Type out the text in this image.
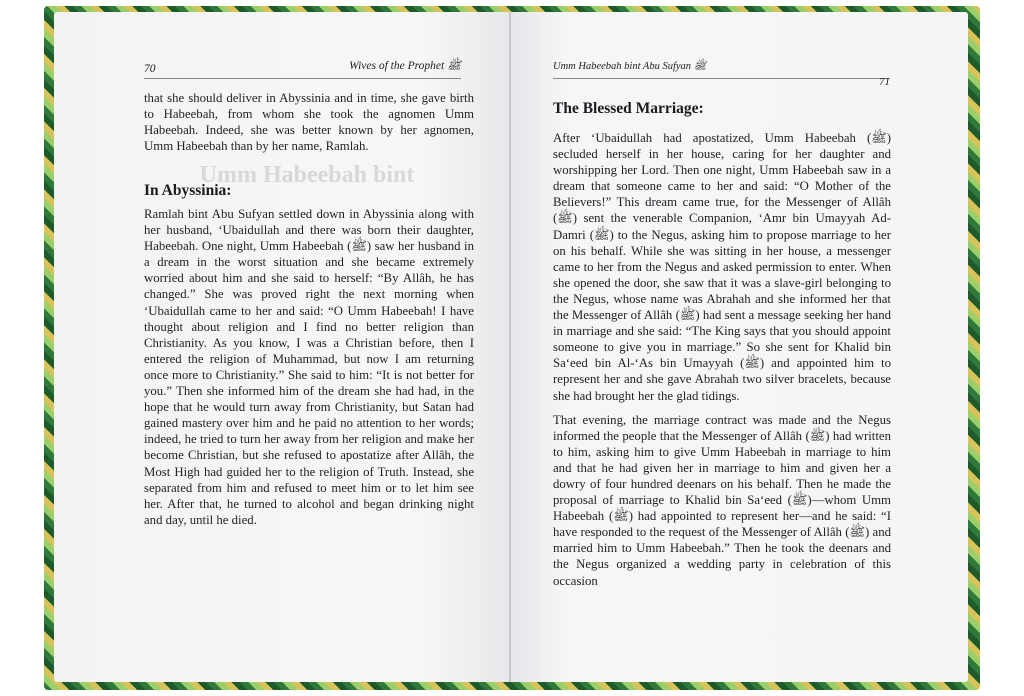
70	Wives of the Prophet ﷺ
Umm Habeebah bint

that she should deliver in Abyssinia and in time, she gave birth to Habeebah, from whom she took the agnomen Umm Habeebah. Indeed, she was better known by her agnomen, Umm Habeebah than by her name, Ramlah.

In Abyssinia:

Ramlah bint Abu Sufyan settled down in Abyssinia along with her husband, ‘Ubaidullah and there was born their daughter, Habeebah. One night, Umm Habeebah (ﷺ) saw her husband in a dream in the worst situation and she became extremely worried about him and she said to herself: “By Allâh, he has changed.” She was proved right the next morning when ‘Ubaidullah came to her and said: “O Umm Habeebah! I have thought about religion and I find no better religion than Christianity. As you know, I was a Christian before, then I entered the religion of Muhammad, but now I am returning once more to Christianity.” She said to him: “It is not better for you.” Then she informed him of the dream she had had, in the hope that he would turn away from Christianity, but Satan had gained mastery over him and he paid no attention to her words; indeed, he tried to turn her away from her religion and make her become Christian, but she refused to apostatize after Allâh, the Most High had guided her to the religion of Truth. Instead, she separated from him and refused to meet him or to let him see her. After that, he turned to alcohol and began drinking night and day, until he died.

Umm Habeebah bint Abu Sufyan ﷺ
71
The Blessed Marriage:

After ‘Ubaidullah had apostatized, Umm Habeebah (ﷺ) secluded herself in her house, caring for her daughter and worshipping her Lord. Then one night, Umm Habeebah saw in a dream that someone came to her and said: “O Mother of the Believers!” This dream came true, for the Messenger of Allâh (ﷺ) sent the venerable Companion, ‘Amr bin Umayyah Ad-Damri (ﷺ) to the Negus, asking him to propose marriage to her on his behalf. While she was sitting in her house, a messenger came to her from the Negus and asked permission to enter. When she opened the door, she saw that it was a slave-girl belonging to the Negus, whose name was Abrahah and she informed her that the Messenger of Allâh (ﷺ) had sent a message seeking her hand in marriage and she said: “The King says that you should appoint someone to give you in marriage.” So she sent for Khalid bin Sa‘eed bin Al-‘As bin Umayyah (ﷺ) and appointed him to represent her and she gave Abrahah two silver bracelets, because she had brought her the glad tidings.

That evening, the marriage contract was made and the Negus informed the people that the Messenger of Allâh (ﷺ) had written to him, asking him to give Umm Habeebah in marriage to him and that he had given her in marriage to him and given her a dowry of four hundred deenars on his behalf. Then he made the proposal of marriage to Khalid bin Sa‘eed (ﷺ)—whom Umm Habeebah (ﷺ) had appointed to represent her—and he said: “I have responded to the request of the Messenger of Allâh (ﷺ) and married him to Umm Habeebah.” Then he took the deenars and the Negus organized a wedding party in celebration of this occasion
